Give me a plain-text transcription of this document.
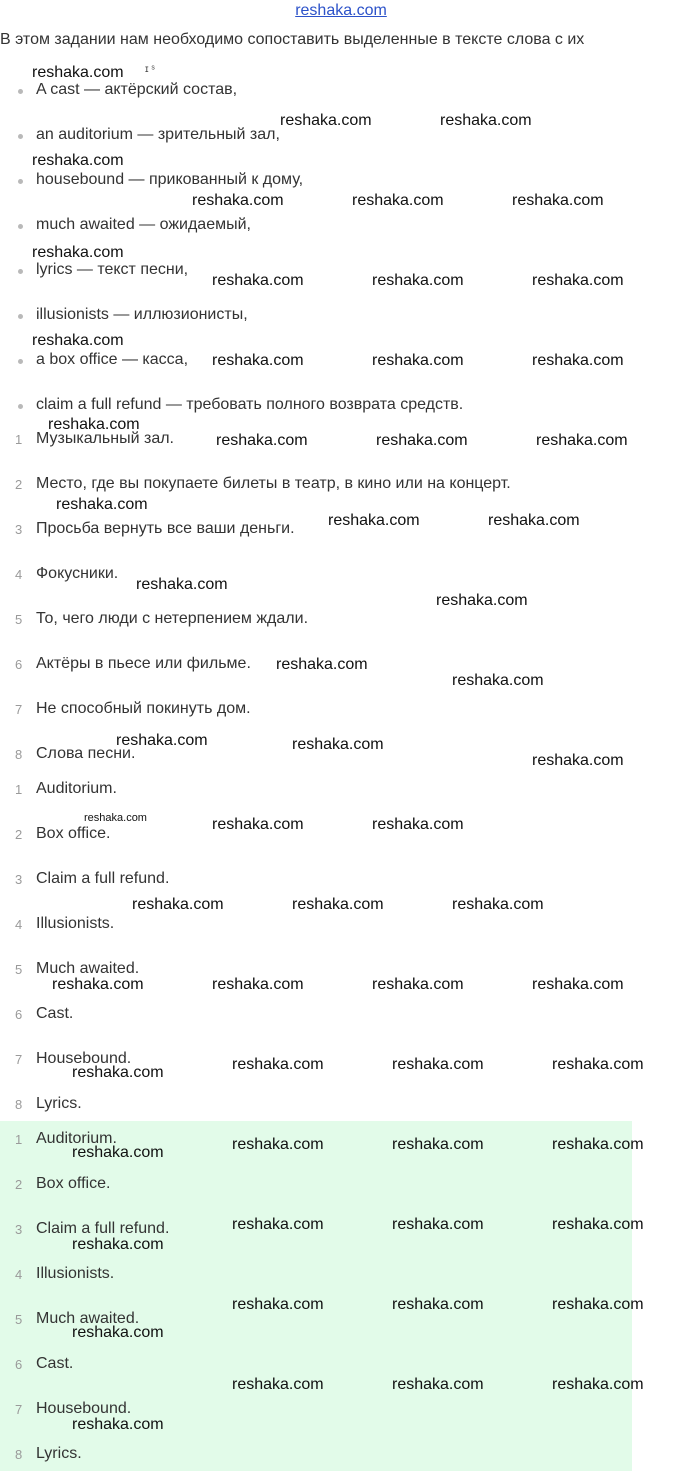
reshaka.com
В этом задании нам необходимо сопоставить выделенные в тексте слова с их
A cast — актёрский состав,
an auditorium — зрительный зал,
housebound — прикованный к дому,
much awaited — ожидаемый,
lyrics — текст песни,
illusionists — иллюзионисты,
a box office — касса,
claim a full refund — требовать полного возврата средств.
1 Музыкальный зал.
2 Место, где вы покупаете билеты в театр, в кино или на концерт.
3 Просьба вернуть все ваши деньги.
4 Фокусники.
5 То, чего люди с нетерпением ждали.
6 Актёры в пьесе или фильме.
7 Не способный покинуть дом.
8 Слова песни.
1 Auditorium.
2 Box office.
3 Claim a full refund.
4 Illusionists.
5 Much awaited.
6 Cast.
7 Housebound.
8 Lyrics.
1 Auditorium.
2 Box office.
3 Claim a full refund.
4 Illusionists.
5 Much awaited.
6 Cast.
7 Housebound.
8 Lyrics.
ɪ ˢ
reshaka.com
reshaka.com	reshaka.com
reshaka.com
reshaka.com	reshaka.com	reshaka.com
reshaka.com
reshaka.com	reshaka.com	reshaka.com
reshaka.com
reshaka.com	reshaka.com	reshaka.com
reshaka.com
reshaka.com	reshaka.com	reshaka.com
reshaka.com
reshaka.com	reshaka.com
reshaka.com
reshaka.com
reshaka.com
reshaka.com
reshaka.com	reshaka.com
reshaka.com
reshaka.com	reshaka.com
reshaka.com	reshaka.com	reshaka.com
reshaka.com	reshaka.com	reshaka.com	reshaka.com
reshaka.com	reshaka.com	reshaka.com	reshaka.com
reshaka.com	reshaka.com	reshaka.com
reshaka.com
reshaka.com	reshaka.com	reshaka.com
reshaka.com
reshaka.com	reshaka.com	reshaka.com
reshaka.com
reshaka.com	reshaka.com	reshaka.com
reshaka.com
reshaka.com
